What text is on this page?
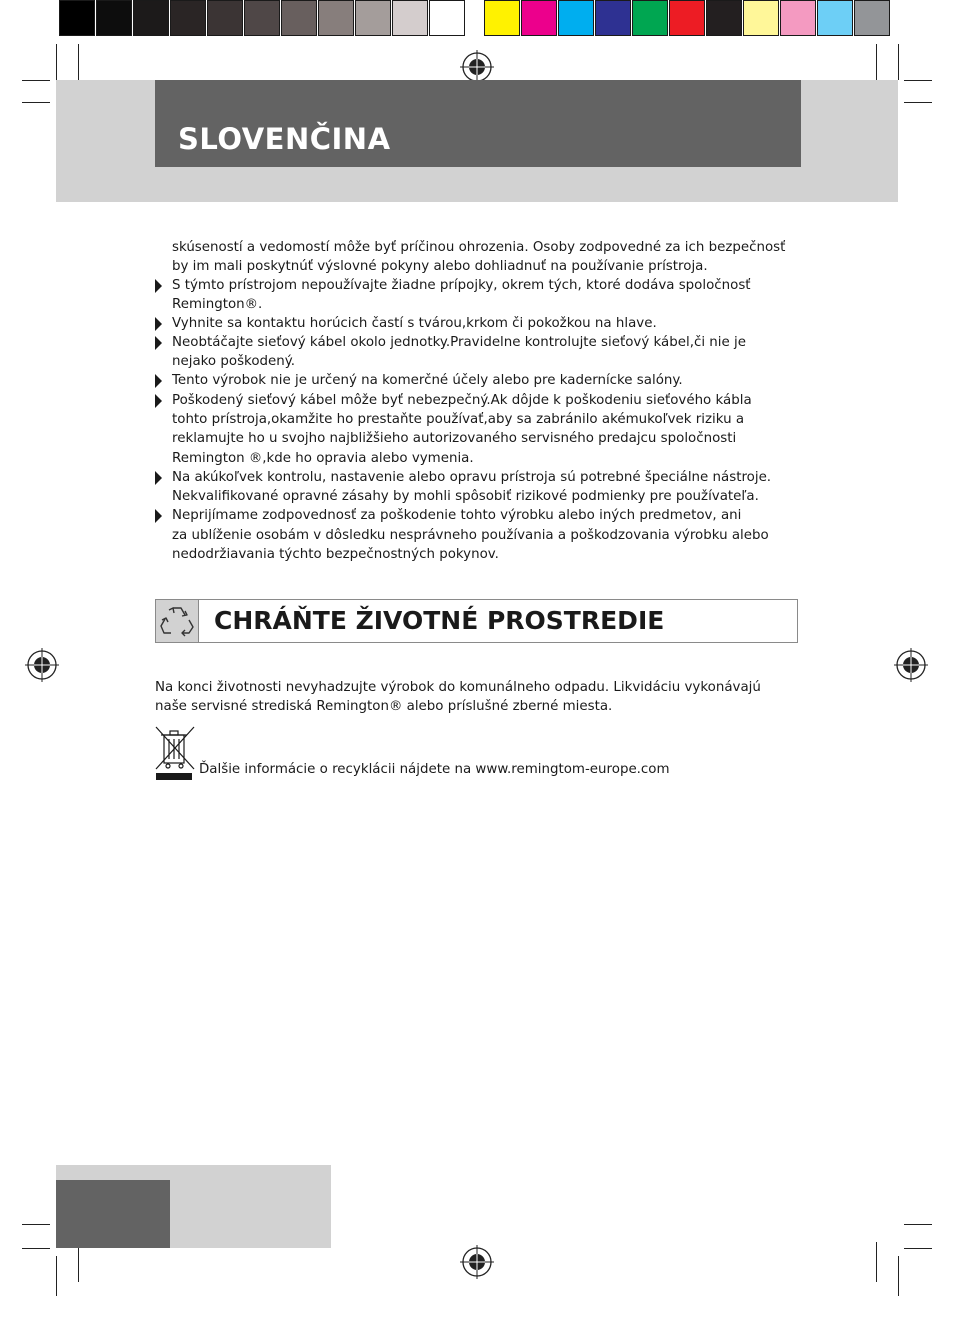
SLOVENČINA
skúseností a vedomostí môže byť príčinou ohrozenia. Osoby zodpovedné za ich bezpečnosť
by im mali poskytnúť výslovné pokyny alebo dohliadnuť na používanie prístroja.
S týmto prístrojom nepoužívajte žiadne prípojky, okrem tých, ktoré dodáva spoločnosť
Remington®.
Vyhnite sa kontaktu horúcich častí s tvárou,krkom či pokožkou na hlave.
Neobtáčajte sieťový kábel okolo jednotky.Pravidelne kontrolujte sieťový kábel,či nie je
nejako poškodený.
Tento výrobok nie je určený na komerčné účely alebo pre kadernícke salóny.
Poškodený sieťový kábel môže byť nebezpečný.Ak dôjde k poškodeniu sieťového kábla
tohto prístroja,okamžite ho prestaňte používať,aby sa zabránilo akémukoľvek riziku a
reklamujte ho u svojho najbližšieho autorizovaného servisného predajcu spoločnosti
Remington ®,kde ho opravia alebo vymenia.
Na akúkoľvek kontrolu, nastavenie alebo opravu prístroja sú potrebné špeciálne nástroje.
Nekvalifikované opravné zásahy by mohli spôsobiť rizikové podmienky pre používateľa.
Neprijímame zodpovednosť za poškodenie tohto výrobku alebo iných predmetov, ani
za ublíženie osobám v dôsledku nesprávneho používania a poškodzovania výrobku alebo
nedodržiavania týchto bezpečnostných pokynov.
CHRÁŇTE ŽIVOTNÉ PROSTREDIE
Na konci životnosti nevyhadzujte výrobok do komunálneho odpadu. Likvidáciu vykonávajú
naše servisné strediská Remington® alebo príslušné zberné miesta.
Ďalšie informácie o recyklácii nájdete na www.remingtom-europe.com
